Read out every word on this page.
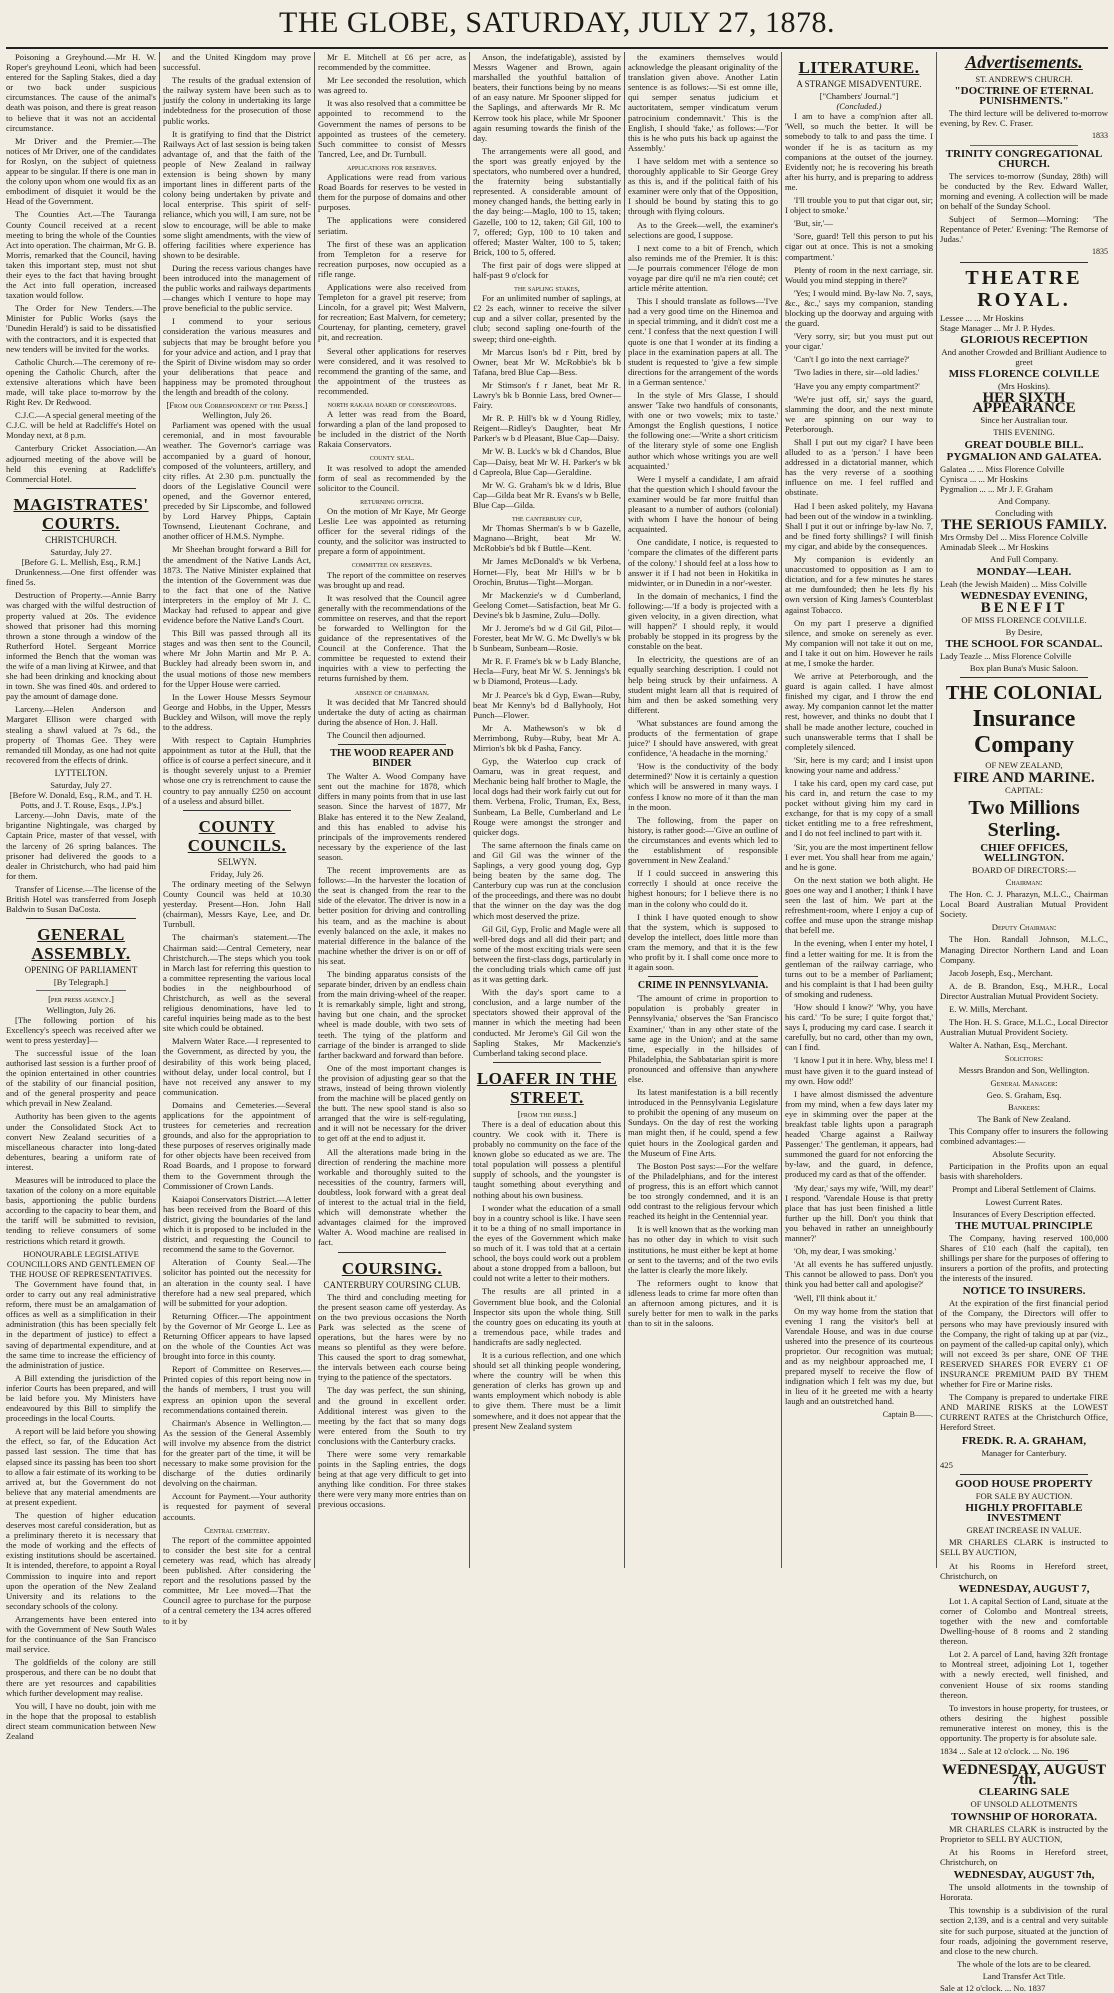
THE GLOBE, SATURDAY, JULY 27, 1878.

Poisoning a Greyhound.—Mr H. W. Roper's greyhound Leoni, which had been entered for the Sapling Stakes, died a day or two back under suspicious circumstances. The cause of the animal's death was poison, and there is great reason to believe that it was not an accidental circumstance.

Mr Driver and the Premier.—The notices of Mr Driver, one of the candidates for Roslyn, on the subject of quietness appear to be singular. If there is one man in the colony upon whom one would fix as an embodiment of disquiet it would be the Head of the Government.

The Counties Act.—The Tauranga County Council received at a recent meeting to bring the whole of the Counties Act into operation. The chairman, Mr G. B. Morris, remarked that the Council, having taken this important step, must not shut their eyes to the fact that having brought the Act into full operation, increased taxation would follow.

The Order for New Tenders.—The Minister for Public Works (says the 'Dunedin Herald') is said to be dissatisfied with the contractors, and it is expected that new tenders will be invited for the works.

Catholic Church.—The ceremony of re-opening the Catholic Church, after the extensive alterations which have been made, will take place to-morrow by the Right Rev. Dr Redwood.

C.J.C.—A special general meeting of the C.J.C. will be held at Radcliffe's Hotel on Monday next, at 8 p.m.

Canterbury Cricket Association.—An adjourned meeting of the above will be held this evening at Radcliffe's Commercial Hotel.

MAGISTRATES' COURTS.
CHRISTCHURCH.
Saturday, July 27.
[Before G. L. Mellish, Esq., R.M.]

Drunkenness.—One first offender was fined 5s.

Destruction of Property.—Annie Barry was charged with the wilful destruction of property valued at 20s. The evidence showed that prisoner had this morning thrown a stone through a window of the Rutherford Hotel. Sergeant Morrice informed the Bench that the woman was the wife of a man living at Kirwee, and that she had been drinking and knocking about in town. She was fined 40s. and ordered to pay the amount of damage done.

Larceny.—Helen Anderson and Margaret Ellison were charged with stealing a shawl valued at 7s 6d., the property of Thomas Gee. They were remanded till Monday, as one had not quite recovered from the effects of drink.

LYTTELTON.
Saturday, July 27.
[Before W. Donald, Esq., R.M., and T. H. Potts, and J. T. Rouse, Esqs., J.P's.]

Larceny.—John Davis, mate of the brigantine Nightingale, was charged by Captain Price, master of that vessel, with the larceny of 26 spring balances. The prisoner had delivered the goods to a dealer in Christchurch, who had paid him for them.

Transfer of License.—The license of the British Hotel was transferred from Joseph Baldwin to Susan DaCosta.

GENERAL ASSEMBLY.
OPENING OF PARLIAMENT
[By Telegraph.]
[per press agency.]
Wellington, July 26.

[The following portion of his Excellency's speech was received after we went to press yesterday]—

The successful issue of the loan authorised last session is a further proof of the opinion entertained in other countries of the stability of our financial position, and of the general prosperity and peace which prevail in New Zealand.

Authority has been given to the agents under the Consolidated Stock Act to convert New Zealand securities of a miscellaneous character into long-dated debentures, bearing a uniform rate of interest.

Measures will be introduced to place the taxation of the colony on a more equitable basis, apportioning the public burdens according to the capacity to bear them, and the tariff will be submitted to revision, tending to relieve consumers of some restrictions which retard it growth.

HONOURABLE LEGISLATIVE COUNCILLORS AND GENTLEMEN OF THE HOUSE OF REPRESENTATIVES.

The Government have found that, in order to carry out any real administrative reform, there must be an amalgamation of offices as well as a simplification in their administration (this has been specially felt in the department of justice) to effect a saving of departmental expenditure, and at the same time to increase the efficiency of the administration of justice.

A Bill extending the jurisdiction of the inferior Courts has been prepared, and will be laid before you. My Ministers have endeavoured by this Bill to simplify the proceedings in the local Courts.

A report will be laid before you showing the effect, so far, of the Education Act passed last session. The time that has elapsed since its passing has been too short to allow a fair estimate of its working to be arrived at, but the Government do not believe that any material amendments are at present expedient.

The question of higher education deserves most careful consideration, but as a preliminary thereto it is necessary that the mode of working and the effects of existing institutions should be ascertained. It is intended, therefore, to appoint a Royal Commission to inquire into and report upon the operation of the New Zealand University and its relations to the secondary schools of the colony.

Arrangements have been entered into with the Government of New South Wales for the continuance of the San Francisco mail service.

The goldfields of the colony are still prosperous, and there can be no doubt that there are yet resources and capabilities which further development may realise.

You will, I have no doubt, join with me in the hope that the proposal to establish direct steam communication between New Zealand

and the United Kingdom may prove successful.

The results of the gradual extension of the railway system have been such as to justify the colony in undertaking its large indebtedness for the prosecution of those public works.

It is gratifying to find that the District Railways Act of last session is being taken advantage of, and that the faith of the people of New Zealand in railway extension is being shown by many important lines in different parts of the colony being undertaken by private and local enterprise. This spirit of self-reliance, which you will, I am sure, not be slow to encourage, will be able to make some slight amendments, with the view of offering facilities where experience has shown to be desirable.

During the recess various changes have been introduced into the management of the public works and railways departments—changes which I venture to hope may prove beneficial to the public service.

I commend to your serious consideration the various measures and subjects that may be brought before you for your advice and action, and I pray that the Spirit of Divine wisdom may so order your deliberations that peace and happiness may be promoted throughout the length and breadth of the colony.

[From our Correspondent of the Press.]
Wellington, July 26.

Parliament was opened with the usual ceremonial, and in most favourable weather. The Governor's carriage was accompanied by a guard of honour, composed of the volunteers, artillery, and city rifles. At 2.30 p.m. punctually the doors of the Legislative Council were opened, and the Governor entered, preceded by Sir Lipscombe, and followed by Lord Harvey Phipps, Captain Townsend, Lieutenant Cochrane, and another officer of H.M.S. Nymphe.

Mr Sheehan brought forward a Bill for the amendment of the Native Lands Act, 1873. The Native Minister explained that the intention of the Government was due to the fact that one of the Native interpreters in the employ of Mr J. C. Mackay had refused to appear and give evidence before the Native Land's Court.

This Bill was passed through all its stages and was then sent to the Council, where Mr John Martin and Mr P. A. Buckley had already been sworn in, and the usual motions of those new members for the Upper House were carried.

In the Lower House Messrs Seymour George and Hobbs, in the Upper, Messrs Buckley and Wilson, will move the reply to the address.

With respect to Captain Humphries appointment as tutor at the Hull, that the office is of course a perfect sinecure, and it is thought severely unjust to a Premier whose one cry is retrenchment to cause the country to pay annually £250 on account of a useless and absurd billet.

COUNTY COUNCILS.
SELWYN.
Friday, July 26.

The ordinary meeting of the Selwyn County Council was held at 10.30 yesterday. Present—Hon. John Hall (chairman), Messrs Kaye, Lee, and Dr. Turnbull.

The chairman's statement.—The Chairman said:—Central Cemetery, near Christchurch.—The steps which you took in March last for referring this question to a committee representing the various local bodies in the neighbourhood of Christchurch, as well as the several religious denominations, have led to careful inquiries being made as to the best site which could be obtained.

Malvern Water Race.—I represented to the Government, as directed by you, the desirability of this work being placed, without delay, under local control, but I have not received any answer to my communication.

Domains and Cemeteries.—Several applications for the appointment of trustees for cemeteries and recreation grounds, and also for the appropriation to these purposes of reserves originally made for other objects have been received from Road Boards, and I propose to forward them to the Government through the Commissioner of Crown Lands.

Kaiapoi Conservators District.—A letter has been received from the Board of this district, giving the boundaries of the land which it is proposed to be included in the district, and requesting the Council to recommend the same to the Governor.

Alteration of County Seal.—The solicitor has pointed out the necessity for an alteration in the county seal. I have therefore had a new seal prepared, which will be submitted for your adoption.

Returning Officer.—The appointment by the Governor of Mr George L. Lee as Returning Officer appears to have lapsed on the whole of the Counties Act was brought into force in this county.

Report of Committee on Reserves.—Printed copies of this report being now in the hands of members, I trust you will express an opinion upon the several recommendations contained therein.

Chairman's Absence in Wellington.—As the session of the General Assembly will involve my absence from the district for the greater part of the time, it will be necessary to make some provision for the discharge of the duties ordinarily devolving on the chairman.

Account for Payment.—Your authority is requested for payment of several accounts.

Central cemetery.

The report of the committee appointed to consider the best site for a central cemetery was read, which has already been published. After considering the report and the resolutions passed by the committee, Mr Lee moved—That the Council agree to purchase for the purpose of a central cemetery the 134 acres offered to it by

Mr E. Mitchell at £6 per acre, as recommended by the committee.

Mr Lee seconded the resolution, which was agreed to.

It was also resolved that a committee be appointed to recommend to the Government the names of persons to be appointed as trustees of the cemetery. Such committee to consist of Messrs Tancred, Lee, and Dr. Turnbull.

applications for reserves.

Applications were read from various Road Boards for reserves to be vested in them for the purpose of domains and other purposes.

The applications were considered seriatim.

The first of these was an application from Templeton for a reserve for recreation purposes, now occupied as a rifle range.

Applications were also received from Templeton for a gravel pit reserve; from Lincoln, for a gravel pit; West Malvern, for recreation; East Malvern, for cemetery; Courtenay, for planting, cemetery, gravel pit, and recreation.

Several other applications for reserves were considered, and it was resolved to recommend the granting of the same, and the appointment of the trustees as recommended.

north rakaia board of conservators.

A letter was read from the Board, forwarding a plan of the land proposed to be included in the district of the North Rakaia Conservators.

county seal.

It was resolved to adopt the amended form of seal as recommended by the solicitor to the Council.

returning officer.

On the motion of Mr Kaye, Mr George Leslie Lee was appointed as returning officer for the several ridings of the county, and the solicitor was instructed to prepare a form of appointment.

committee on reserves.

The report of the committee on reserves was brought up and read.

It was resolved that the Council agree generally with the recommendations of the committee on reserves, and that the report be forwarded to Wellington for the guidance of the representatives of the Council at the Conference. That the committee be requested to extend their inquiries with a view to perfecting the returns furnished by them.

absence of chairman.

It was decided that Mr Tancred should undertake the duty of acting as chairman during the absence of Hon. J. Hall.

The Council then adjourned.

THE WOOD REAPER AND BINDER

The Walter A. Wood Company have sent out the machine for 1878, which differs in many points from that in use last season. Since the harvest of 1877, Mr Blake has entered it to the New Zealand, and this has enabled to advise his principals of the improvements rendered necessary by the experience of the last season.

The recent improvements are as follows:—In the harvester the location of the seat is changed from the rear to the side of the elevator. The driver is now in a better position for driving and controlling his team, and as the machine is about evenly balanced on the axle, it makes no material difference in the balance of the machine whether the driver is on or off of his seat.

The binding apparatus consists of the separate binder, driven by an endless chain from the main driving-wheel of the reaper. It is remarkably simple, light and strong, having but one chain, and the sprocket wheel is made double, with two sets of teeth. The tying of the platform and carriage of the binder is arranged to slide farther backward and forward than before.

One of the most important changes is the provision of adjusting gear so that the straws, instead of being thrown violently from the machine will be placed gently on the butt. The new spool stand is also so arranged that the wire is self-regulating, and it will not be necessary for the driver to get off at the end to adjust it.

All the alterations made bring in the direction of rendering the machine more workable and thoroughly suited to the necessities of the country, farmers will, doubtless, look forward with a great deal of interest to the actual trial in the field, which will demonstrate whether the advantages claimed for the improved Walter A. Wood machine are realised in fact.

COURSING.
CANTERBURY COURSING CLUB.

The third and concluding meeting for the present season came off yesterday. As on the two previous occasions the North Park was selected as the scene of operations, but the hares were by no means so plentiful as they were before. This caused the sport to drag somewhat, the intervals between each course being trying to the patience of the spectators.

The day was perfect, the sun shining, and the ground in excellent order. Additional interest was given to the meeting by the fact that so many dogs were entered from the South to try conclusions with the Canterbury cracks.

There were some very remarkable points in the Sapling entries, the dogs being at that age very difficult to get into anything like condition. For three stakes there were very many more entries than on previous occasions.

Anson, the indefatigable), assisted by Messrs Wagener and Brown, again marshalled the youthful battalion of beaters, their functions being by no means of an easy nature. Mr Spooner slipped for the Saplings, and afterwards Mr R. Mc Kerrow took his place, while Mr Spooner again resuming towards the finish of the day.

The arrangements were all good, and the sport was greatly enjoyed by the spectators, who numbered over a hundred, the fraternity being substantially represented. A considerable amount of money changed hands, the betting early in the day being:—Maglo, 100 to 15, taken; Gazelle, 100 to 12, taken; Gil Gil, 100 to 7, offered; Gyp, 100 to 10 taken and offered; Master Walter, 100 to 5, taken; Brick, 100 to 5, offered.

The first pair of dogs were slipped at half-past 9 o'clock for

the sapling stakes,

For an unlimited number of saplings, at £2 2s each, winner to receive the silver cup and a silver collar, presented by the club; second sapling one-fourth of the sweep; third one-eighth.

Mr Marcus Ison's bd r Pitt, bred by Owner, beat Mr W. McRobbie's bk b Tafana, bred Blue Cap—Bess.

Mr Stimson's f r Janet, beat Mr R. Lawry's bk b Bonnie Lass, bred Owner—Fairy.

Mr R. P. Hill's bk w d Young Ridley, Reigent—Ridley's Daughter, beat Mr Parker's w b d Pleasant, Blue Cap—Daisy.

Mr W. B. Luck's w bk d Chandos, Blue Cap—Daisy, beat Mr W. H. Parker's w bk d Capreola, Blue Cap—Geraldine.

Mr W. G. Graham's bk w d Idris, Blue Cap—Gilda beat Mr R. Evans's w b Belle, Blue Cap—Gilda.

the canterbury cup,

Mr Thomas Sherman's b w b Gazelle, Magnano—Bright, beat Mr W. McRobbie's bd bk f Buttle—Kent.

Mr James McDonald's w bk Verbena, Hornet—Fly, beat Mr Hill's w br b Orochin, Brutus—Tight—Morgan.

Mr Mackenzie's w d Cumberland, Geelong Comet—Satisfaction, beat Mr G. Devine's bk b Jasmine, Zulu—Dolly.

Mr J. Jerome's bd w d Gil Gil, Pilot—Forester, beat Mr W. G. Mc Dwelly's w bk b Sunbeam, Sunbeam—Rosie.

Mr R. F. Frame's bk w b Lady Blanche, Hecla—Fury, beat Mr W. S. Jennings's bk w b Diamond, Proteus—Lady.

Mr J. Pearce's bk d Gyp, Ewan—Ruby, beat Mr Kenny's bd d Ballyhooly, Hot Punch—Flower.

Mr A. Mathewson's w bk d Merrimbong, Ruby—Ruby, beat Mr A. Mirrion's bk bk d Pasha, Fancy.

Gyp, the Waterloo cup crack of Oamaru, was in great request, and Mechanic being half brother to Magle, the local dogs had their work fairly cut out for them. Verbena, Frolic, Truman, Ex, Bess, Sunbeam, La Belle, Cumberland and Le Rouge were amongst the stronger and quicker dogs.

The same afternoon the finals came on and Gil Gil was the winner of the Saplings, a very good young dog, Gyp being beaten by the same dog. The Canterbury cup was run at the conclusion of the proceedings, and there was no doubt that the winner on the day was the dog which most deserved the prize.

Gil Gil, Gyp, Frolic and Magle were all well-bred dogs and all did their part; and some of the most exciting trials were seen between the first-class dogs, particularly in the concluding trials which came off just as it was getting dark.

With the day's sport came to a conclusion, and a large number of the spectators showed their approval of the manner in which the meeting had been conducted. Mr Jerome's Gil Gil won the Sapling Stakes, Mr Mackenzie's Cumberland taking second place.

LOAFER IN THE STREET.
[from the press.]

There is a deal of education about this country. We cook with it. There is probably no community on the face of the known globe so educated as we are. The total population will possess a plentiful supply of schools, and the youngster is taught something about everything and nothing about his own business.

I wonder what the education of a small boy in a country school is like. I have seen it to be a thing of no small importance in the eyes of the Government which make so much of it. I was told that at a certain school, the boys could work out a problem about a stone dropped from a balloon, but could not write a letter to their mothers.

The results are all printed in a Government blue book, and the Colonial Inspector sits upon the whole thing. Still the country goes on educating its youth at a tremendous pace, while trades and handicrafts are sadly neglected.

It is a curious reflection, and one which should set all thinking people wondering, where the country will be when this generation of clerks has grown up and wants employment which nobody is able to give them. There must be a limit somewhere, and it does not appear that the present New Zealand system

the examiners themselves would acknowledge the pleasant originality of the translation given above. Another Latin sentence is as follows:—'Si est omne ille, qui semper senatus judicium et auctoritatem, semper vindicatum verum patrocinium condemnavit.' This is the English, I should 'fake,' as follows:—'For this is he who puts his back up against the Assembly.'

I have seldom met with a sentence so thoroughly applicable to Sir George Grey as this is, and if the political faith of his examiner were only that of the Opposition, I should be bound by stating this to go through with flying colours.

As to the Greek—well, the examiner's selections are good, I suppose.

I next come to a bit of French, which also reminds me of the Premier. It is this:—Je pourrais commencer l'éloge de mon voyage par dire qu'il ne m'a rien couté; cet article mérite attention.

This I should translate as follows—'I've had a very good time on the Hinemoa and in special trimming, and it didn't cost me a cent.' I confess that the next question I will quote is one that I wonder at its finding a place in the examination papers at all. The student is requested to 'give a few simple directions for the arrangement of the words in a German sentence.'

In the style of Mrs Glasse, I should answer 'Take two handfuls of consonants, with one or two vowels; mix to taste.' Amongst the English questions, I notice the following one:—'Write a short criticism of the literary style of some one English author which whose writings you are well acquainted.'

Were I myself a candidate, I am afraid that the question which I should favour the examiner would be far more fruitful than pleasant to a number of authors (colonial) with whom I have the honour of being acquainted.

One candidate, I notice, is requested to 'compare the climates of the different parts of the colony.' I should feel at a loss how to answer it if I had not been in Hokitika in midwinter, or in Dunedin in a nor'-wester.

In the domain of mechanics, I find the following:—'If a body is projected with a given velocity, in a given direction, what will happen?' I should reply, it would probably be stopped in its progress by the constable on the beat.

In electricity, the questions are of an equally searching description. I could not help being struck by their unfairness. A student might learn all that is required of him and then be asked something very different.

'What substances are found among the products of the fermentation of grape juice?' I should have answered, with great confidence, 'A headache in the morning.'

'How is the conductivity of the body determined?' Now it is certainly a question which will be answered in many ways. I confess I know no more of it than the man in the moon.

The following, from the paper on history, is rather good:—'Give an outline of the circumstances and events which led to the establishment of responsible government in New Zealand.'

If I could succeed in answering this correctly I should at once receive the highest honours; for I believe there is no man in the colony who could do it.

I think I have quoted enough to show that the system, which is supposed to develop the intellect, does little more than cram the memory, and that it is the few who profit by it. I shall come once more to it again soon.

CRIME IN PENNSYLVANIA.

'The amount of crime in proportion to population is probably greater in Pennsylvania,' observes the 'San Francisco Examiner,' 'than in any other state of the same age in the Union'; and at the same time, especially in the hillsides of Philadelphia, the Sabbatarian spirit is more pronounced and offensive than anywhere else.

Its latest manifestation is a bill recently introduced in the Pennsylvania Legislature to prohibit the opening of any museum on Sundays. On the day of rest the working man might then, if he could, spend a few quiet hours in the Zoological garden and the Museum of Fine Arts.

The Boston Post says:—For the welfare of the Philadelphians, and for the interest of progress, this is an effort which cannot be too strongly condemned, and it is an odd contrast to the religious fervour which reached its height in the Centennial year.

It is well known that as the working man has no other day in which to visit such institutions, he must either be kept at home or sent to the taverns; and of the two evils the latter is clearly the more likely.

The reformers ought to know that idleness leads to crime far more often than an afternoon among pictures, and it is surely better for men to walk in the parks than to sit in the saloons.

LITERATURE.
A STRANGE MISADVENTURE.
["Chambers' Journal."]
(Concluded.)

I am to have a comp'nion after all. 'Well, so much the better. It will be somebody to talk to and pass the time. I wonder if he is as taciturn as my companions at the outset of the journey. Evidently not; he is recovering his breath after his hurry, and is preparing to address me.

'I'll trouble you to put that cigar out, sir; I object to smoke.'

'But, sir,'—

'Sore, guard! Tell this person to put his cigar out at once. This is not a smoking compartment.'

Plenty of room in the next carriage, sir. Would you mind stepping in there?'

'Yes; I would mind. By-law No. 7, says, &c., &c.,' says my companion, standing blocking up the doorway and arguing with the guard.

'Very sorry, sir; but you must put out your cigar.'

'Can't I go into the next carriage?'

'Two ladies in there, sir—old ladies.'

'Have you any empty compartment?'

'We're just off, sir,' says the guard, slamming the door, and the next minute we are spinning on our way to Peterborough.

Shall I put out my cigar? I have been alluded to as a 'person.' I have been addressed in a dictatorial manner, which has the very reverse of a soothing influence on me. I feel ruffled and obstinate.

Had I been asked politely, my Havana had been out of the window in a twinkling. Shall I put it out or infringe by-law No. 7, and be fined forty shillings? I will finish my cigar, and abide by the consequences.

My companion is evidently an unaccustomed to opposition as I am to dictation, and for a few minutes he stares at me dumfounded; then he lets fly his own version of King James's Counterblast against Tobacco.

On my part I preserve a dignified silence, and smoke on serenely as ever. My companion will not take it out on me, and I take it out on him. However he rails at me, I smoke the harder.

We arrive at Peterborough, and the guard is again called. I have almost finished my cigar, and I throw the end away. My companion cannot let the matter rest, however, and thinks no doubt that I shall be made another lecture, couched in such unanswerable terms that I shall be completely silenced.

'Sir, here is my card; and I insist upon knowing your name and address.'

I take his card, open my card case, put his card in, and return the case to my pocket without giving him my card in exchange, for that is my copy of a small ticket entitling me to a free refreshment, and I do not feel inclined to part with it.

'Sir, you are the most impertinent fellow I ever met. You shall hear from me again,' and he is gone.

On the next station we both alight. He goes one way and I another; I think I have seen the last of him. We part at the refreshment-room, where I enjoy a cup of coffee and muse upon the strange mishap that befell me.

In the evening, when I enter my hotel, I find a letter waiting for me. It is from the gentleman of the railway carriage, who turns out to be a member of Parliament; and his complaint is that I had been guilty of smoking and rudeness.

'How should I know?' 'Why, you have his card.' 'To be sure; I quite forgot that,' says I, producing my card case. I search it carefully, but no card, other than my own, can I find.

'I know I put it in here. Why, bless me! I must have given it to the guard instead of my own. How odd!'

I have almost dismissed the adventure from my mind, when a few days later my eye in skimming over the paper at the breakfast table lights upon a paragraph headed 'Charge against a Railway Passenger.' The gentleman, it appears, had summoned the guard for not enforcing the by-law, and the guard, in defence, produced my card as that of the offender.

'My dear,' says my wife, 'Will, my dear!' I respond. 'Varendale House is that pretty place that has just been finished a little further up the hill. Don't you think that you behaved in rather an unneighbourly manner?'

'Oh, my dear, I was smoking.'

'At all events he has suffered unjustly. This cannot be allowed to pass. Don't you think you had better call and apologise?'

'Well, I'll think about it.'

On my way home from the station that evening I rang the visitor's bell at Varendale House, and was in due course ushered into the presence of its courteous proprietor. Our recognition was mutual; and as my neighbour approached me, I prepared myself to receive the flow of indignation which I felt was my due, but in lieu of it he greeted me with a hearty laugh and an outstretched hand.

Captain B——.
Advertisements.
ST. ANDREW'S CHURCH.
"DOCTRINE OF ETERNAL PUNISHMENTS."

The third lecture will be delivered to-morrow evening, by Rev. C. Fraser.

1833
TRINITY CONGREGATIONAL CHURCH.

The services to-morrow (Sunday, 28th) will be conducted by the Rev. Edward Waller, morning and evening. A collection will be made on behalf of the Sunday School.

Subject of Sermon—Morning: 'The Repentance of Peter.' Evening: 'The Remorse of Judas.'

1835
THEATRE ROYAL.
Lessee ... ... Mr Hoskins
Stage Manager ... Mr J. P. Hydes.
GLORIOUS RECEPTION
And another Crowded and Brilliant Audience to greet
MISS FLORENCE COLVILLE
(Mrs Hoskins).
HER SIXTH APPEARANCE
Since her Australian tour.
THIS EVENING.
GREAT DOUBLE BILL.
PYGMALION AND GALATEA.
Galatea ... ... Miss Florence Colville
Cynisca ... ... Mr Hoskins
Pygmalion ... ... Mr J. F. Graham
And Company.
Concluding with
THE SERIOUS FAMILY.
Mrs Ormsby Del ... Miss Florence Colville
Aminadab Sleek ... Mr Hoskins
And Full Company.
MONDAY—LEAH.
Leah (the Jewish Maiden) ... Miss Colville
WEDNESDAY EVENING,
BENEFIT
OF MISS FLORENCE COLVILLE.
By Desire,
THE SCHOOL FOR SCANDAL.
Lady Teazle ... Miss Florence Colville
Box plan Buna's Music Saloon.
THE COLONIAL
Insurance Company
OF NEW ZEALAND,
FIRE AND MARINE.
CAPITAL:
Two Millions Sterling.
CHIEF OFFICES, WELLINGTON.
BOARD OF DIRECTORS:—
Chairman:

The Hon. C. J. Pharazyn, M.L.C., Chairman Local Board Australian Mutual Provident Society.

Deputy Chairman:

The Hon. Randall Johnson, M.L.C., Managing Director Northern Land and Loan Company.

Jacob Joseph, Esq., Merchant.

A. de B. Brandon, Esq., M.H.R., Local Director Australian Mutual Provident Society.

E. W. Mills, Merchant.

The Hon. H. S. Grace, M.L.C., Local Director Australian Mutual Provident Society.

Walter A. Nathan, Esq., Merchant.

Solicitors:
Messrs Brandon and Son, Wellington.
General Manager:
Geo. S. Graham, Esq.
Bankers:
The Bank of New Zealand.

This Company offer to insurers the following combined advantages:—

Absolute Security.

Participation in the Profits upon an equal basis with shareholders.

Prompt and Liberal Settlement of Claims.
Lowest Current Rates.
Insurances of Every Description effected.
THE MUTUAL PRINCIPLE

The Company, having reserved 100,000 Shares of £10 each (half the capital), ten shillings per share for the purposes of offering to insurers a portion of the profits, and protecting the interests of the insured.

NOTICE TO INSURERS.

At the expiration of the first financial period of the Company, the Directors will offer to persons who may have previously insured with the Company, the right of taking up at par (viz., on payment of the called-up capital only), which will not exceed 3s per share, ONE OF THE RESERVED SHARES FOR EVERY £1 OF INSURANCE PREMIUM PAID BY THEM whether for Fire or Marine risks.

The Company is prepared to undertake FIRE AND MARINE RISKS at the LOWEST CURRENT RATES at the Christchurch Office, Hereford Street.

FREDK. R. A. GRAHAM,
Manager for Canterbury.
425
GOOD HOUSE PROPERTY
FOR SALE BY AUCTION.
HIGHLY PROFITABLE INVESTMENT
GREAT INCREASE IN VALUE.

MR CHARLES CLARK is instructed to SELL BY AUCTION,

At his Rooms in Hereford street, Christchurch, on

WEDNESDAY, AUGUST 7,

Lot 1. A capital Section of Land, situate at the corner of Colombo and Montreal streets, together with the new and comfortable Dwelling-house of 8 rooms and 2 standing thereon.

Lot 2. A parcel of Land, having 32ft frontage to Montreal street, adjoining Lot 1, together with a newly erected, well finished, and convenient House of six rooms standing thereon.

To investors in house property, for trustees, or others desiring the highest possible remunerative interest on money, this is the opportunity. The property is for absolute sale.

1834 ... Sale at 12 o'clock. ... No. 196
WEDNESDAY, AUGUST 7th.
CLEARING SALE
OF UNSOLD ALLOTMENTS
TOWNSHIP OF HORORATA.

MR CHARLES CLARK is instructed by the Proprietor to SELL BY AUCTION,

At his Rooms in Hereford street, Christchurch, on

WEDNESDAY, AUGUST 7th,

The unsold allotments in the township of Hororata.

This township is a subdivision of the rural section 2,139, and is a central and very suitable site for such purpose, situated at the junction of four roads, adjoining the government reserve, and close to the new church.

The whole of the lots are to be cleared.
Land Transfer Act Title.
Sale at 12 o'clock. ... No. 1837
